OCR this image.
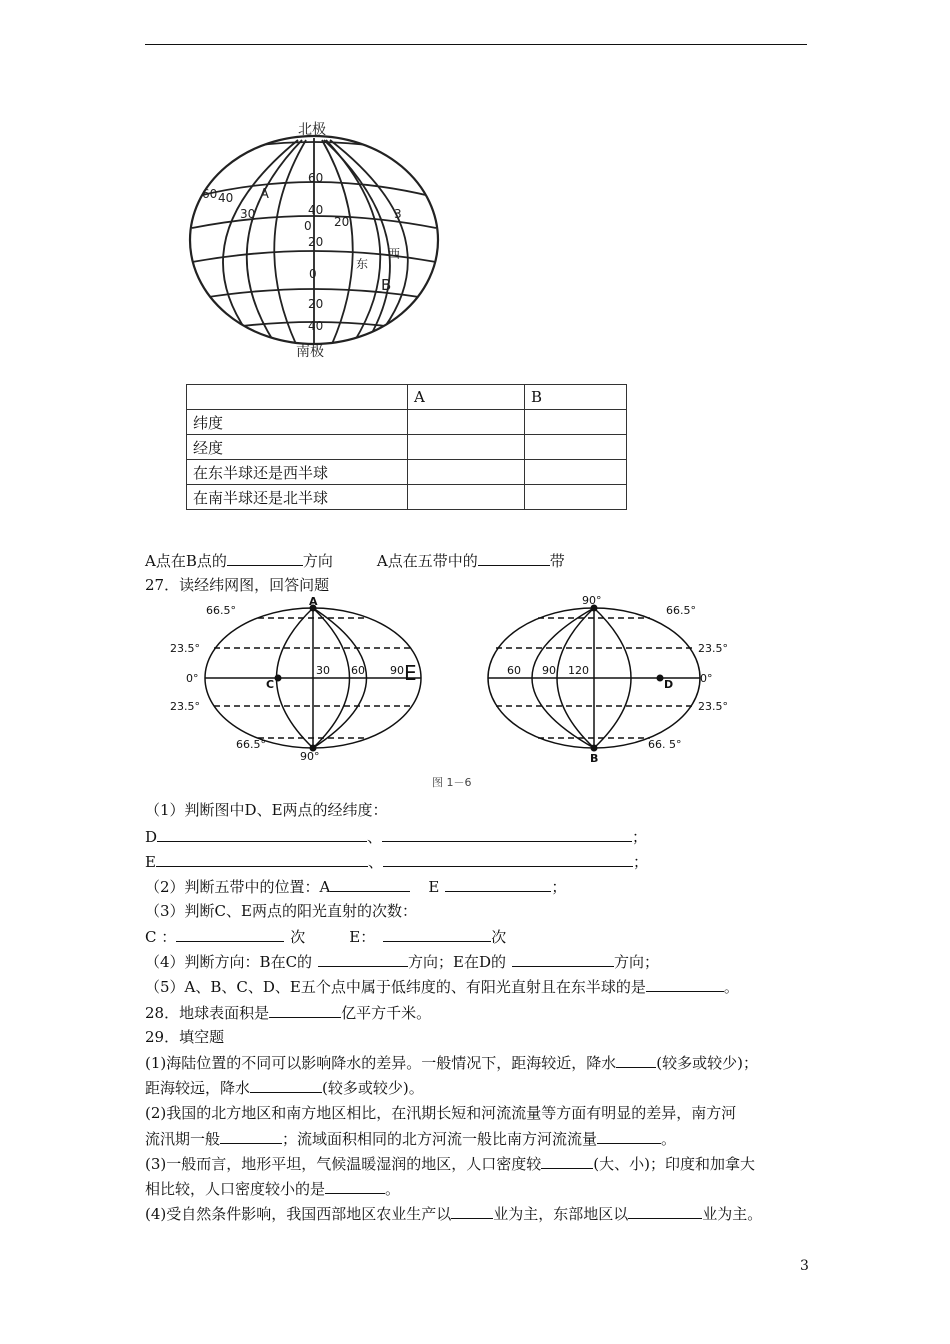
北极
南极
A
B
60
40
20
0
20
40
0 20
30
40
60
东
西
3
	A	B
纬度		
经度		
在东半球还是西半球		
在南半球还是北半球		
A点在B点的	方向	A点在五带中的	带
27．读经纬网图，回答问题
A
90°
C
23.5°
0°
23.5°
66.5°
66.5°
30 60 90 E
90°
B
D
66.5°
23.5°
0°
23.5°
66. 5°
60 90 120
图 1－6
（1）判断图中D、E两点的经纬度：
D	、	；
E	、	；
（2）判断五带中的位置：A	E	；
（3）判断C、E两点的阳光直射的次数：
C ：	次	E：	次
（4）判断方向：B在C的	方向；E在D的	方向；
（5）A、B、C、D、E五个点中属于低纬度的、有阳光直射且在东半球的是	。
28．地球表面积是	亿平方千米。
29．填空题
(1)海陆位置的不同可以影响降水的差异。一般情况下，距海较近，降水	(较多或较少)；
距海较远，降水	(较多或较少)。
(2)我国的北方地区和南方地区相比，在汛期长短和河流流量等方面有明显的差异，南方河
流汛期一般	；流域面积相同的北方河流一般比南方河流流量	。
(3)一般而言，地形平坦，气候温暖湿润的地区，人口密度较	(大、小)；印度和加拿大
相比较，人口密度较小的是	。
(4)受自然条件影响，我国西部地区农业生产以	业为主，东部地区以	业为主。
3
